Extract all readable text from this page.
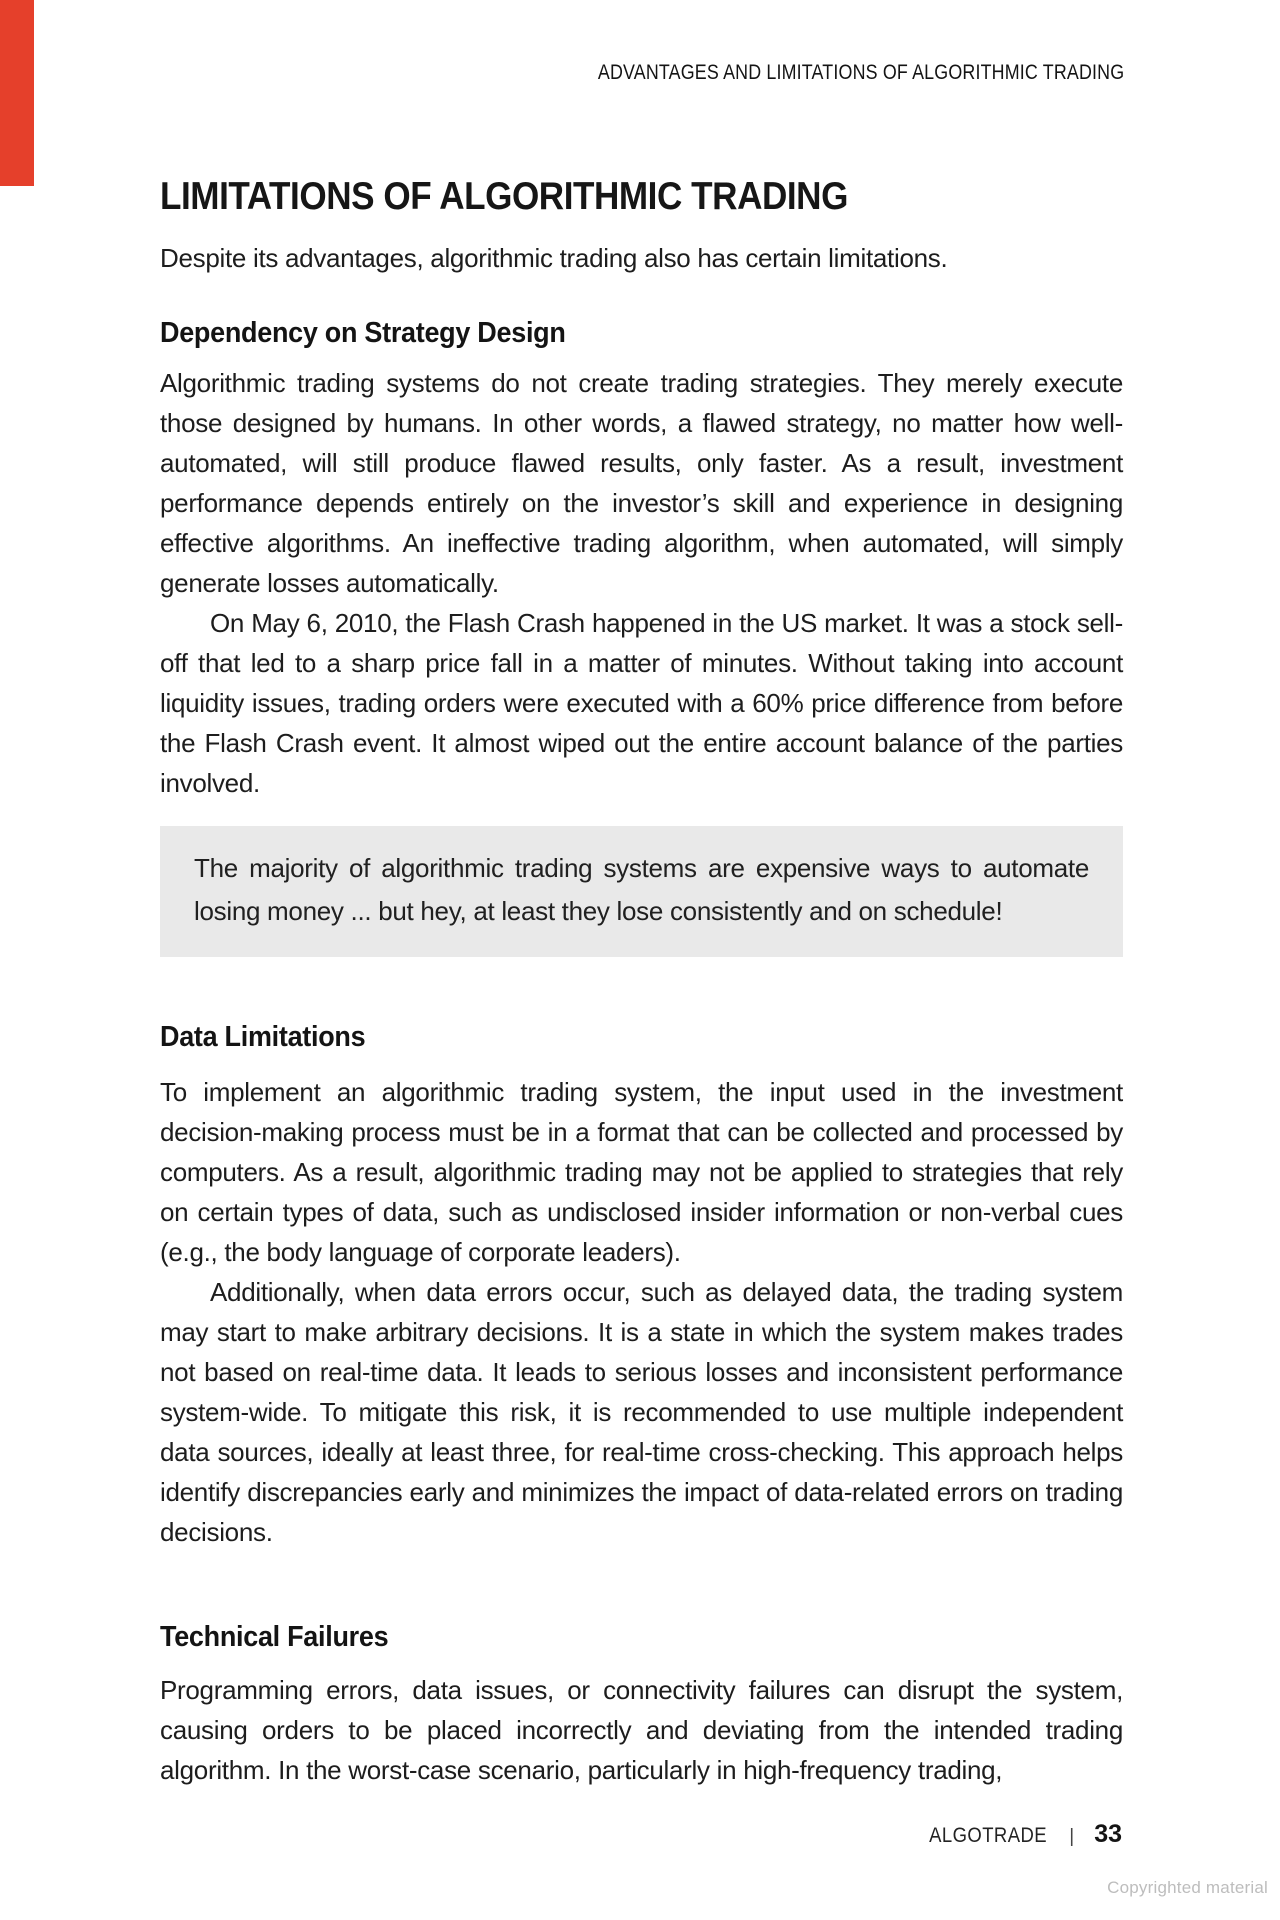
ADVANTAGES AND LIMITATIONS OF ALGORITHMIC TRADING
LIMITATIONS OF ALGORITHMIC TRADING

Despite its advantages, algorithmic trading also has certain limitations.

Dependency on Strategy Design

Algorithmic trading systems do not create trading strategies. They merely execute those designed by humans. In other words, a flawed strategy, no matter how well-automated, will still produce flawed results, only faster. As a result, investment performance depends entirely on the investor’s skill and experience in designing effective algorithms. An ineffective trading algorithm, when automated, will simply generate losses automatically.

On May 6, 2010, the Flash Crash happened in the US market. It was a stock sell-off that led to a sharp price fall in a matter of minutes. Without taking into account liquidity issues, trading orders were executed with a 60% price difference from before the Flash Crash event. It almost wiped out the entire account balance of the parties involved.

The majority of algorithmic trading systems are expensive ways to automate losing money ... but hey, at least they lose consistently and on schedule!

Data Limitations

To implement an algorithmic trading system, the input used in the investment decision-making process must be in a format that can be collected and processed by computers. As a result, algorithmic trading may not be applied to strategies that rely on certain types of data, such as undisclosed insider information or non-verbal cues (e.g., the body language of corporate leaders).

Additionally, when data errors occur, such as delayed data, the trading system may start to make arbitrary decisions. It is a state in which the system makes trades not based on real-time data. It leads to serious losses and inconsistent performance system-wide. To mitigate this risk, it is recommended to use multiple independent data sources, ideally at least three, for real-time cross-checking. This approach helps identify discrepancies early and minimizes the impact of data-related errors on trading decisions.

Technical Failures

Programming errors, data issues, or connectivity failures can disrupt the system, causing orders to be placed incorrectly and deviating from the intended trading algorithm. In the worst-case scenario, particularly in high-frequency trading,

ALGOTRADE | 33
Copyrighted material
